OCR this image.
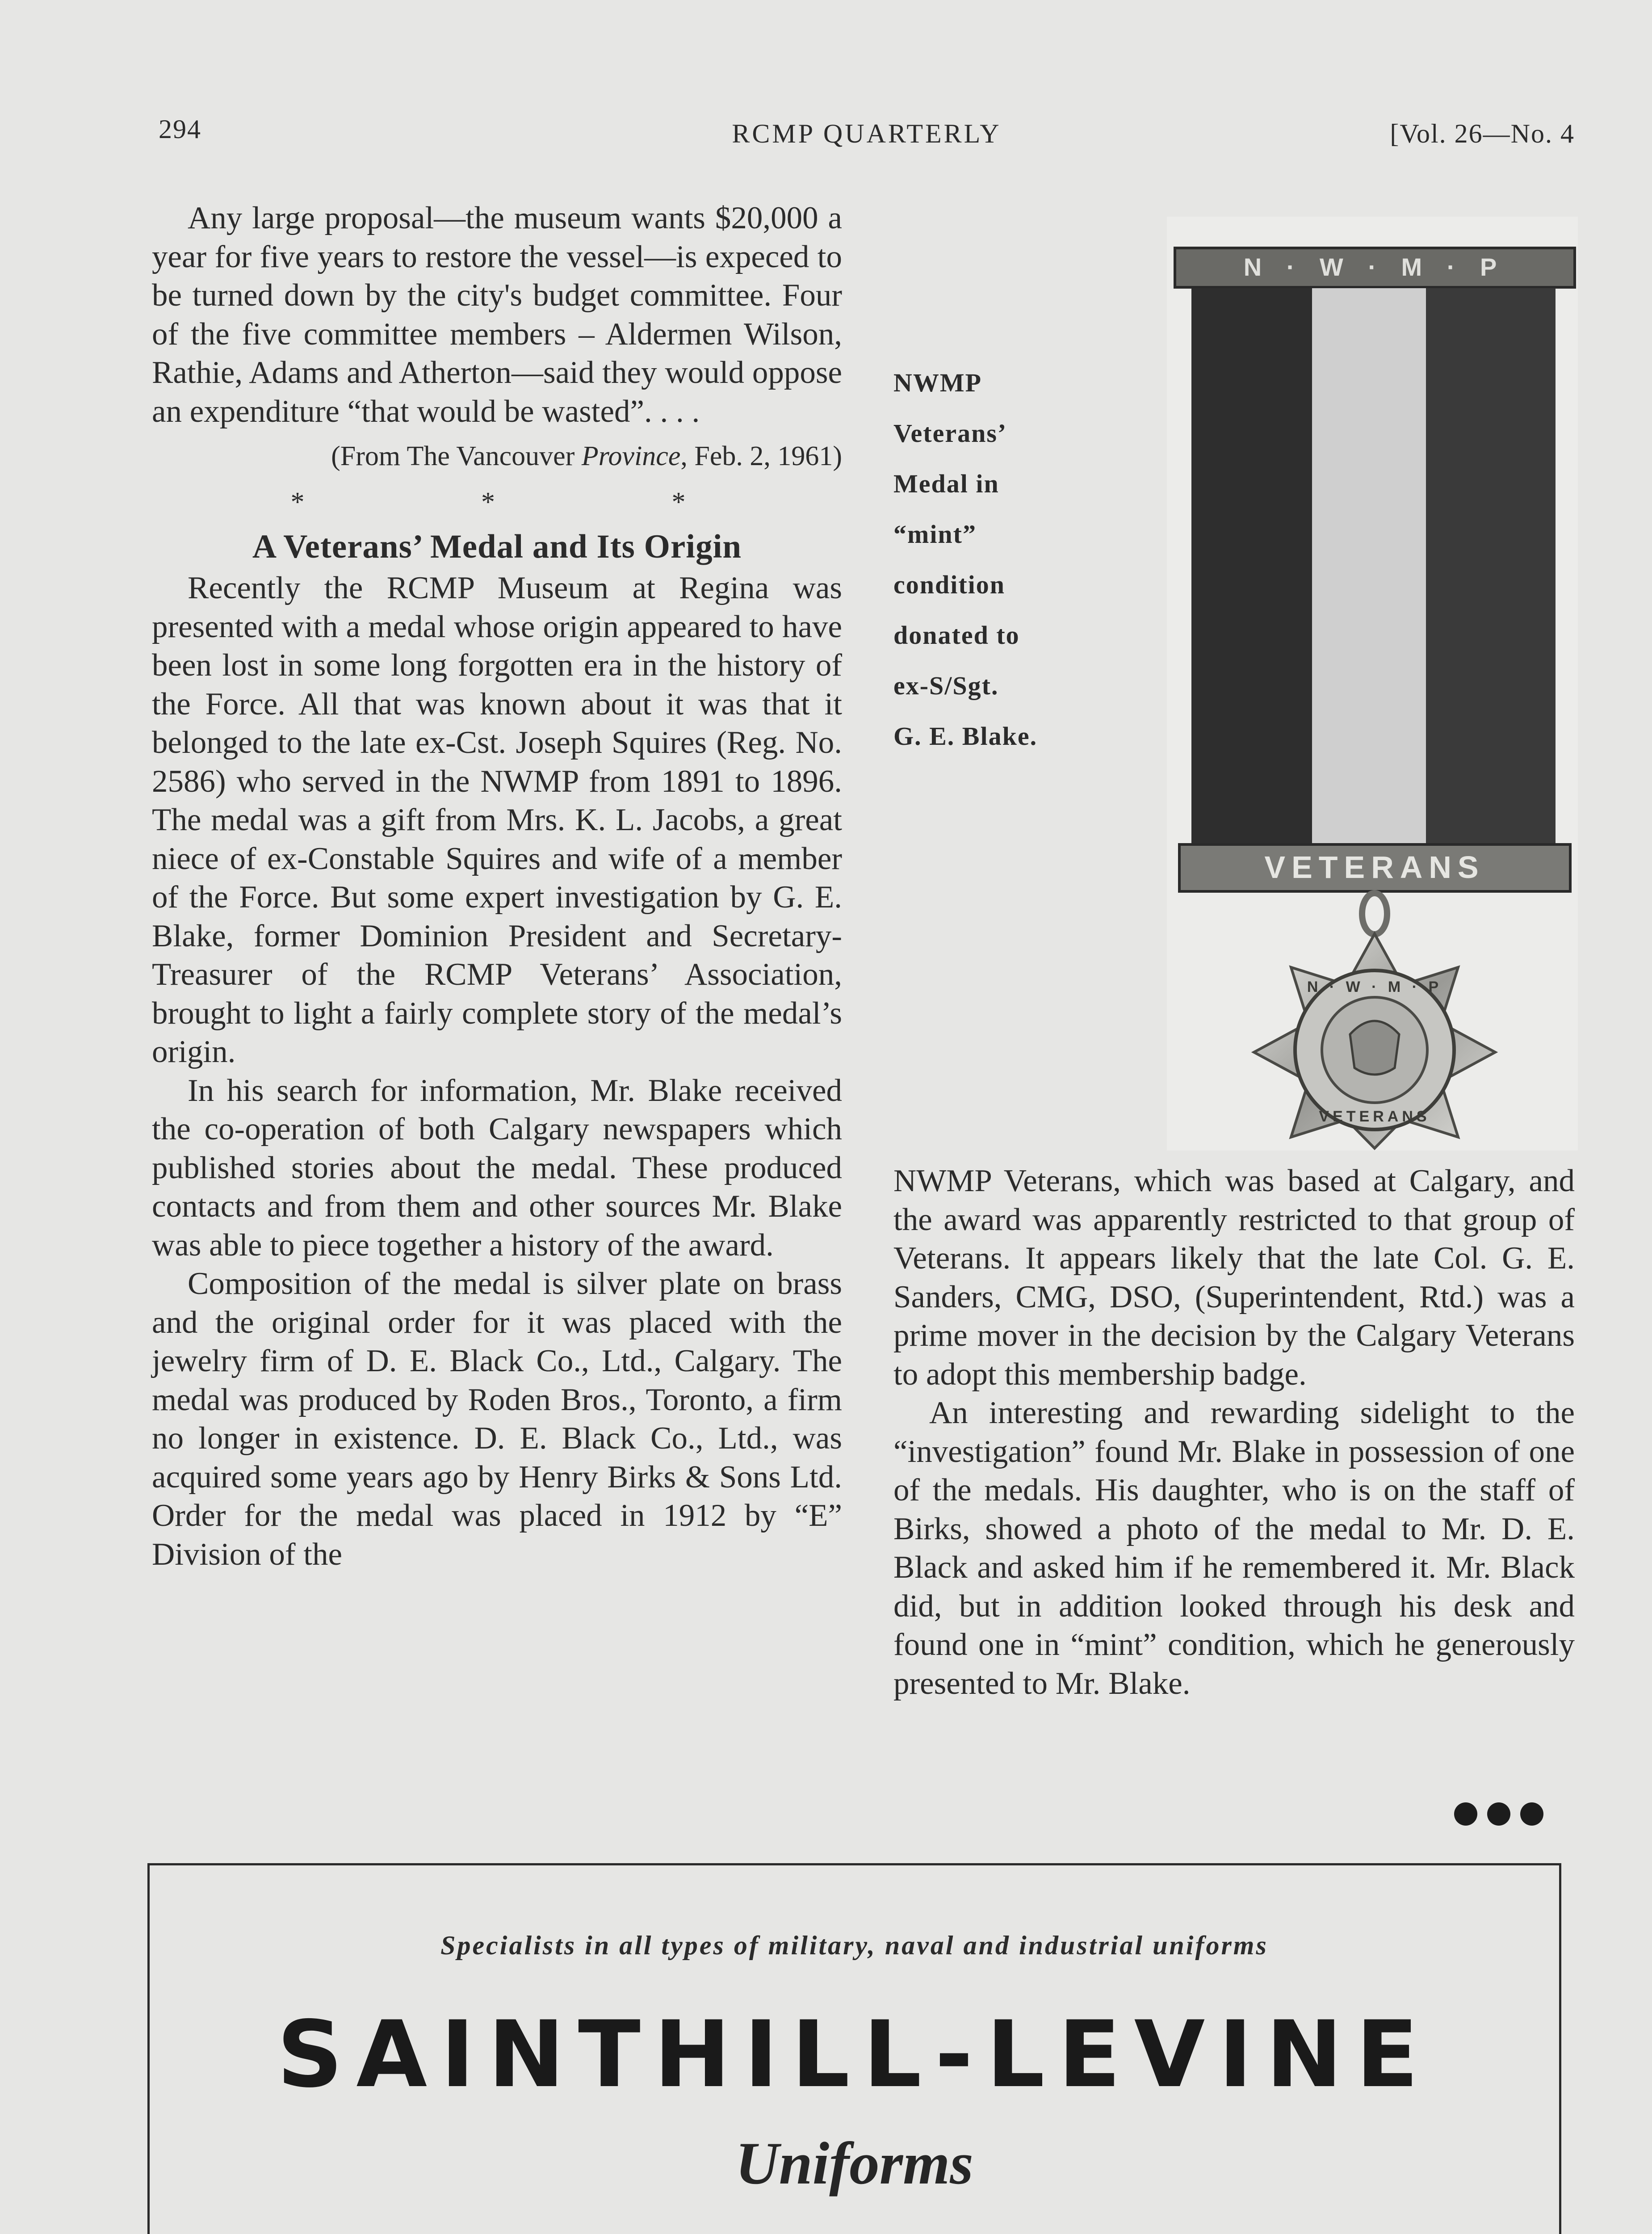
294	RCMP QUARTERLY	[Vol. 26—No. 4

Any large proposal—the museum wants $20,000 a year for five years to restore the vessel—is expeced to be turned down by the city's budget committee. Four of the five committee members – Aldermen Wilson, Rathie, Adams and Atherton—said they would oppose an expenditure “that would be wasted”. . . .

(From The Vancouver Province, Feb. 2, 1961)

* * *

A Veterans’ Medal and Its Origin

Recently the RCMP Museum at Regina was presented with a medal whose origin appeared to have been lost in some long forgotten era in the history of the Force. All that was known about it was that it belonged to the late ex-Cst. Joseph Squires (Reg. No. 2586) who served in the NWMP from 1891 to 1896. The medal was a gift from Mrs. K. L. Jacobs, a great niece of ex-Constable Squires and wife of a member of the Force. But some expert investigation by G. E. Blake, former Dominion President and Secretary-Treasurer of the RCMP Veterans’ Association, brought to light a fairly complete story of the medal’s origin.

In his search for information, Mr. Blake received the co-operation of both Calgary newspapers which published stories about the medal. These produced contacts and from them and other sources Mr. Blake was able to piece together a history of the award.

Composition of the medal is silver plate on brass and the original order for it was placed with the jewelry firm of D. E. Black Co., Ltd., Calgary. The medal was produced by Roden Bros., Toronto, a firm no longer in existence. D. E. Black Co., Ltd., was acquired some years ago by Henry Birks & Sons Ltd. Order for the medal was placed in 1912 by “E” Division of the

NWMP
Veterans’
Medal in
“mint”
condition
donated to
ex-S/Sgt.
G. E. Blake.
N · W · M · P
VETERANS
N · W · M · P
VETERANS

NWMP Veterans, which was based at Calgary, and the award was apparently restricted to that group of Veterans. It appears likely that the late Col. G. E. Sanders, CMG, DSO, (Superintendent, Rtd.) was a prime mover in the decision by the Calgary Veterans to adopt this membership badge.

An interesting and rewarding sidelight to the “investigation” found Mr. Blake in possession of one of the medals. His daughter, who is on the staff of Birks, showed a photo of the medal to Mr. D. E. Black and asked him if he remembered it. Mr. Black did, but in addition looked through his desk and found one in “mint” condition, which he generously presented to Mr. Blake.

Specialists in all types of military, naval and industrial uniforms
SAINTHILL-LEVINE
Uniforms
